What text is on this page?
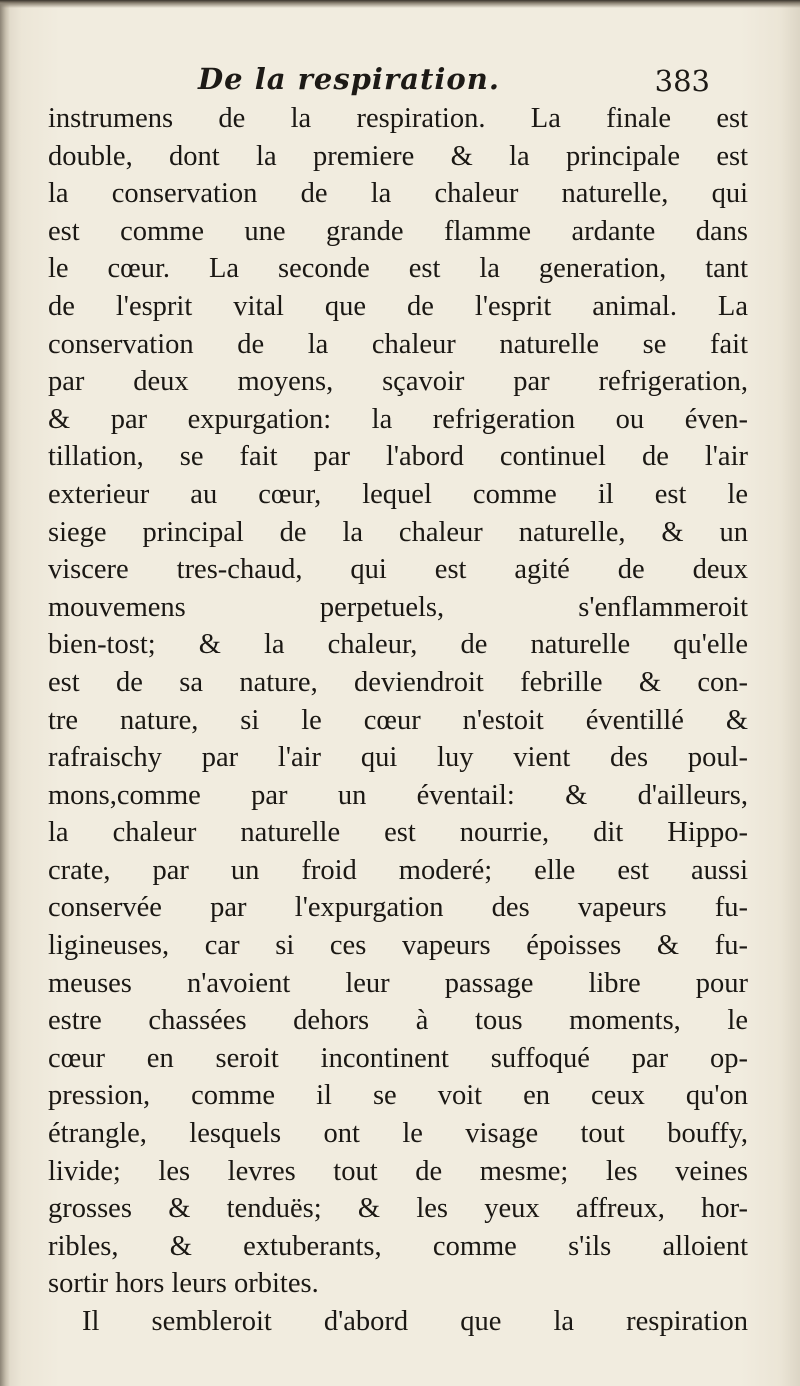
De la respiration.	383
instrumens de la respiration. La finale est
double, dont la premiere & la principale est
la conservation de la chaleur naturelle, qui
est comme une grande flamme ardante dans
le cœur. La seconde est la generation, tant
de l'esprit vital que de l'esprit animal. La
conservation de la chaleur naturelle se fait
par deux moyens, sçavoir par refrigeration,
& par expurgation: la refrigeration ou éven-
tillation, se fait par l'abord continuel de l'air
exterieur au cœur, lequel comme il est le
siege principal de la chaleur naturelle, & un
viscere tres-chaud, qui est agité de deux
mouvemens perpetuels, s'enflammeroit
bien-tost; & la chaleur, de naturelle qu'elle
est de sa nature, deviendroit febrille & con-
tre nature, si le cœur n'estoit éventillé &
rafraischy par l'air qui luy vient des poul-
mons,comme par un éventail: & d'ailleurs,
la chaleur naturelle est nourrie, dit Hippo-
crate, par un froid moderé; elle est aussi
conservée par l'expurgation des vapeurs fu-
ligineuses, car si ces vapeurs époisses & fu-
meuses n'avoient leur passage libre pour
estre chassées dehors à tous moments, le
cœur en seroit incontinent suffoqué par op-
pression, comme il se voit en ceux qu'on
étrangle, lesquels ont le visage tout bouffy,
livide; les levres tout de mesme; les veines
grosses & tenduës; & les yeux affreux, hor-
ribles, & extuberants, comme s'ils alloient
sortir hors leurs orbites.
Il sembleroit d'abord que la respiration
